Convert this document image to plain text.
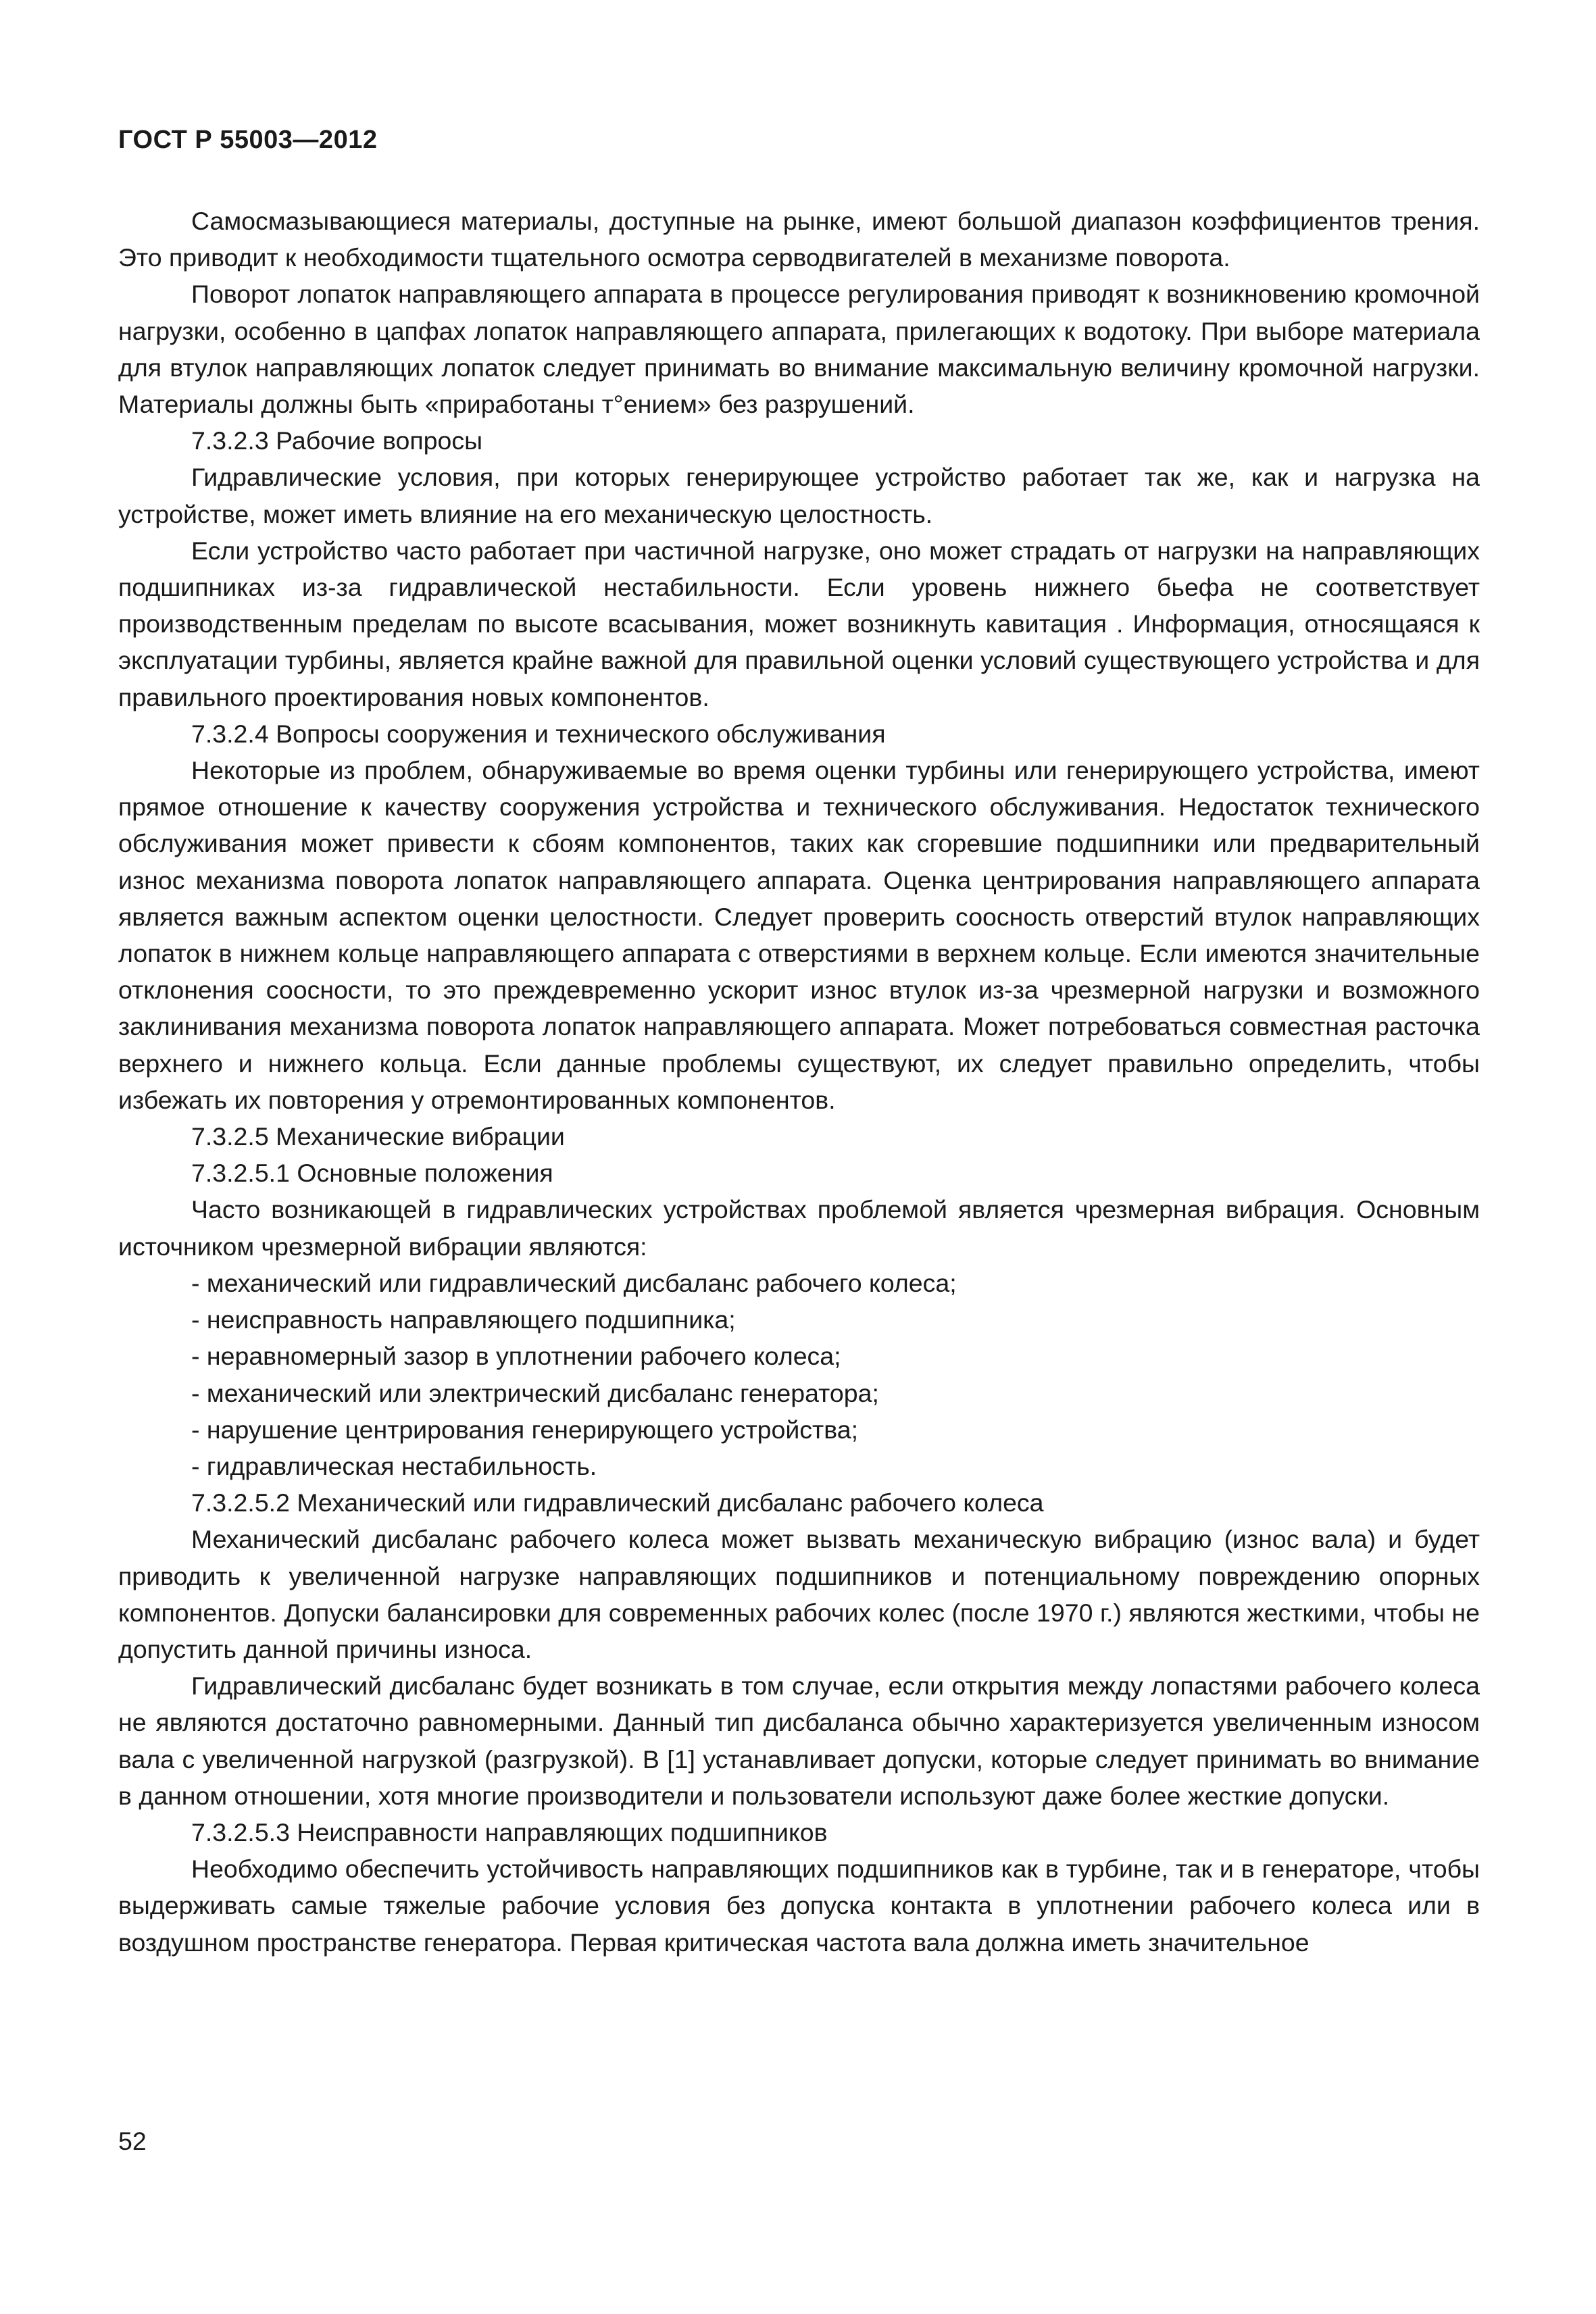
ГОСТ Р 55003—2012

Самосмазывающиеся материалы, доступные на рынке, имеют большой диапазон коэффициентов трения. Это приводит к необходимости тщательного осмотра серводвигателей в механизме поворота.

Поворот лопаток направляющего аппарата в процессе регулирования приводят к возникновению кромочной нагрузки, особенно в цапфах лопаток направляющего аппарата, прилегающих к водотоку. При выборе материала для втулок направляющих лопаток следует принимать во внимание максимальную величину кромочной нагрузки. Материалы должны быть «приработаны т°ением» без разрушений.

7.3.2.3 Рабочие вопросы

Гидравлические условия, при которых генерирующее устройство работает так же, как и нагрузка на устройстве, может иметь влияние на его механическую целостность.

Если устройство часто работает при частичной нагрузке, оно может страдать от нагрузки на направляющих подшипниках из-за гидравлической нестабильности. Если уровень нижнего бьефа не соответствует производственным пределам по высоте всасывания, может возникнуть кавитация . Информация, относящаяся к эксплуатации турбины, является крайне важной для правильной оценки условий существующего устройства и для правильного проектирования новых компонентов.

7.3.2.4 Вопросы сооружения и технического обслуживания

Некоторые из проблем, обнаруживаемые во время оценки турбины или генерирующего устройства, имеют прямое отношение к качеству сооружения устройства и технического обслуживания. Недостаток технического обслуживания может привести к сбоям компонентов, таких как сгоревшие подшипники или предварительный износ механизма поворота лопаток направляющего аппарата. Оценка центрирования направляющего аппарата является важным аспектом оценки целостности. Следует проверить соосность отверстий втулок направляющих лопаток в нижнем кольце направляющего аппарата с отверстиями в верхнем кольце. Если имеются значительные отклонения соосности, то это преждевременно ускорит износ втулок из-за чрезмерной нагрузки и возможного заклинивания механизма поворота лопаток направляющего аппарата. Может потребоваться совместная расточка верхнего и нижнего кольца. Если данные проблемы существуют, их следует правильно определить, чтобы избежать их повторения у отремонтированных компонентов.

7.3.2.5 Механические вибрации

7.3.2.5.1 Основные положения

Часто возникающей в гидравлических устройствах проблемой является чрезмерная вибрация. Основным источником чрезмерной вибрации являются:

- механический или гидравлический дисбаланс рабочего колеса;

- неисправность направляющего подшипника;

- неравномерный зазор в уплотнении рабочего колеса;

- механический или электрический дисбаланс генератора;

- нарушение центрирования генерирующего устройства;

- гидравлическая нестабильность.

7.3.2.5.2 Механический или гидравлический дисбаланс рабочего колеса

Механический дисбаланс рабочего колеса может вызвать механическую вибрацию (износ вала) и будет приводить к увеличенной нагрузке направляющих подшипников и потенциальному повреждению опорных компонентов. Допуски балансировки для современных рабочих колес (после 1970 г.) являются жесткими, чтобы не допустить данной причины износа.

Гидравлический дисбаланс будет возникать в том случае, если открытия между лопастями рабочего колеса не являются достаточно равномерными. Данный тип дисбаланса обычно характеризуется увеличенным износом вала с увеличенной нагрузкой (разгрузкой). В [1] устанавливает допуски, которые следует принимать во внимание в данном отношении, хотя многие производители и пользователи используют даже более жесткие допуски.

7.3.2.5.3 Неисправности направляющих подшипников

Необходимо обеспечить устойчивость направляющих подшипников как в турбине, так и в генераторе, чтобы выдерживать самые тяжелые рабочие условия без допуска контакта в уплотнении рабочего колеса или в воздушном пространстве генератора. Первая критическая частота вала должна иметь значительное

52
